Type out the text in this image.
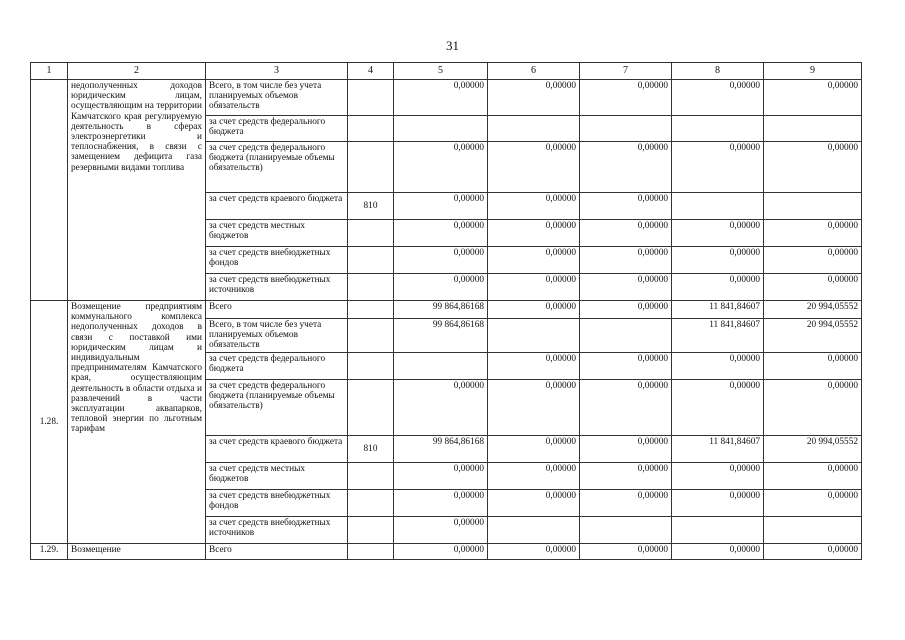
31
1	2	3	4	5	6	7	8	9
	недополученных доходов юридическим лицам, осуществляющим на территории Камчатского края регулируемую деятельность в сферах электроэнергетики и теплоснабжения, в связи с замещением дефицита газа резервными видами топлива	Всего, в том числе без учета планируемых объемов обязательств		0,00000	0,00000	0,00000	0,00000	0,00000
		за счет средств федерального бюджета						
		за счет средств федерального бюджета (планируемые объемы обязательств)		0,00000	0,00000	0,00000	0,00000	0,00000
		за счет средств краевого бюджета	810	0,00000	0,00000	0,00000		
		за счет средств местных бюджетов		0,00000	0,00000	0,00000	0,00000	0,00000
		за счет средств внебюджетных фондов		0,00000	0,00000	0,00000	0,00000	0,00000
		за счет средств внебюджетных источников		0,00000	0,00000	0,00000	0,00000	0,00000
1.28.	Возмещение предприятиям коммунального комплекса недополученных доходов в связи с поставкой ими юридическим лицам и индивидуальным предпринимателям Камчатского края, осуществляющим деятельность в области отдыха и развлечений в части эксплуатации аквапарков, тепловой энергии по льготным тарифам	Всего		99 864,86168	0,00000	0,00000	11 841,84607	20 994,05552
		Всего, в том числе без учета планируемых объемов обязательств		99 864,86168			11 841,84607	20 994,05552
		за счет средств федерального бюджета			0,00000	0,00000	0,00000	0,00000
		за счет средств федерального бюджета (планируемые объемы обязательств)		0,00000	0,00000	0,00000	0,00000	0,00000
		за счет средств краевого бюджета	810	99 864,86168	0,00000	0,00000	11 841,84607	20 994,05552
		за счет средств местных бюджетов		0,00000	0,00000	0,00000	0,00000	0,00000
		за счет средств внебюджетных фондов		0,00000	0,00000	0,00000	0,00000	0,00000
		за счет средств внебюджетных источников		0,00000				
1.29.	Возмещение	Всего		0,00000	0,00000	0,00000	0,00000	0,00000
